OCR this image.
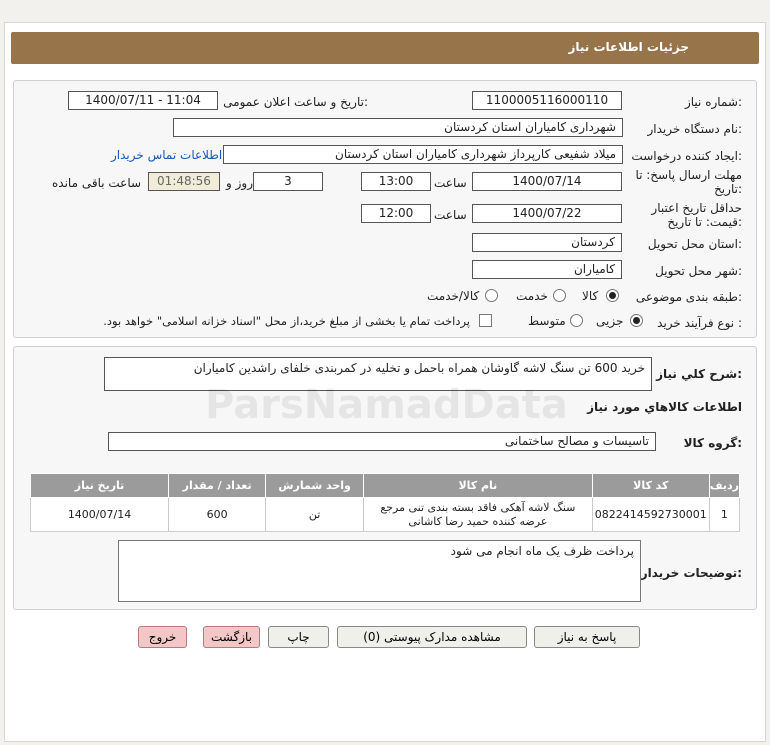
جزئیات اطلاعات نیاز
شماره نیاز:
1100005116000110
تاریخ و ساعت اعلان عمومی:
1400/07/11 - 11:04
نام دستگاه خریدار:
شهرداری کامیاران استان کردستان
ایجاد کننده درخواست:
میلاد شفیعی کارپرداز شهرداری کامیاران استان کردستان
اطلاعات تماس خریدار
مهلت ارسال پاسخ: تا
تاریخ:
1400/07/14
ساعت
13:00
3
روز و
01:48:56
ساعت باقی مانده
حداقل تاریخ اعتبار
قیمت: تا تاریخ:
1400/07/22
ساعت
12:00
استان محل تحویل:
کردستان
شهر محل تحویل:
کامیاران
طبقه بندی موضوعی:
کالا
خدمت
کالا/خدمت
نوع فرآیند خرید :
جزیی
متوسط
پرداخت تمام یا بخشی از مبلغ خرید،از محل "اسناد خزانه اسلامی" خواهد بود.
شرح کلي نياز:
خرید 600 تن سنگ لاشه گاوشان همراه باحمل و تخلیه در کمربندی خلفای راشدین کامیاران
اطلاعات کالاهاي مورد نياز
گروه کالا:
تاسیسات و مصالح ساختمانی
ردیف	کد کالا	نام کالا	واحد شمارش	تعداد / مقدار	تاریخ نیاز
1	0822414592730001	سنگ لاشه آهکی فاقد بسته بندی تنی مرجع عرضه کننده حمید رضا کاشانی	تن	600	1400/07/14
توضیحات خریدار:
پرداخت ظرف یک ماه انجام می شود
پاسخ به نیاز
مشاهده مدارک پیوستی (0)
چاپ
بازگشت
خروج
